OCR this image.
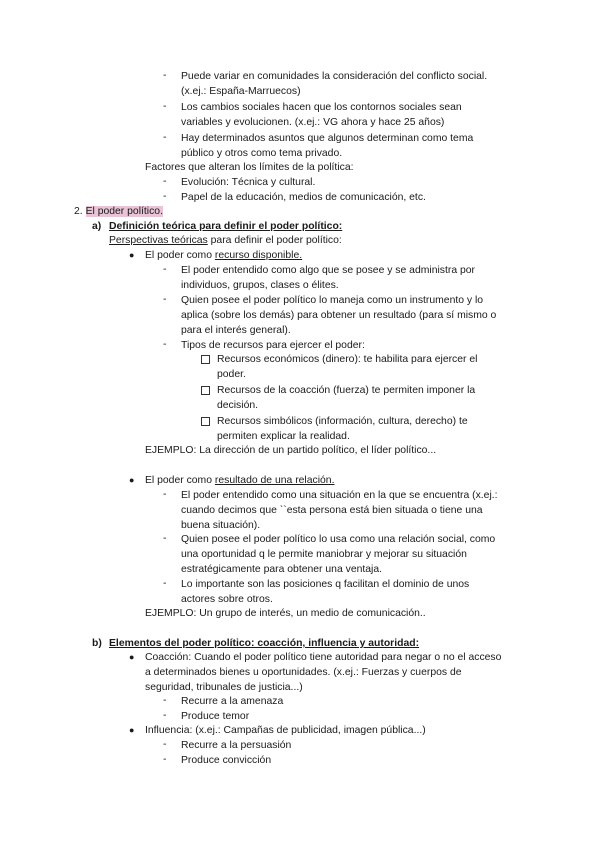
- Puede variar en comunidades la consideración del conflicto social.
(x.ej.: España-Marruecos)
- Los cambios sociales hacen que los contornos sociales sean
variables y evolucionen. (x.ej.: VG ahora y hace 25 años)
- Hay determinados asuntos que algunos determinan como tema
público y otros como tema privado.
Factores que alteran los límites de la política:
- Evolución: Técnica y cultural.
- Papel de la educación, medios de comunicación, etc.
2. El poder político.
a) Definición teórica para definir el poder político:
Perspectivas teóricas para definir el poder político:
● El poder como recurso disponible.
- El poder entendido como algo que se posee y se administra por
individuos, grupos, clases o élites.
- Quien posee el poder político lo maneja como un instrumento y lo
aplica (sobre los demás) para obtener un resultado (para sí mismo o
para el interés general).
- Tipos de recursos para ejercer el poder:
Recursos económicos (dinero): te habilita para ejercer el
poder.
Recursos de la coacción (fuerza) te permiten imponer la
decisión.
Recursos simbólicos (información, cultura, derecho) te
permiten explicar la realidad.
EJEMPLO: La dirección de un partido político, el líder político...
● El poder como resultado de una relación.
- El poder entendido como una situación en la que se encuentra (x.ej.:
cuando decimos que ``esta persona está bien situada o tiene una
buena situación).
- Quien posee el poder político lo usa como una relación social, como
una oportunidad q le permite maniobrar y mejorar su situación
estratégicamente para obtener una ventaja.
- Lo importante son las posiciones q facilitan el dominio de unos
actores sobre otros.
EJEMPLO: Un grupo de interés, un medio de comunicación..
b) Elementos del poder político: coacción, influencia y autoridad:
● Coacción: Cuando el poder político tiene autoridad para negar o no el acceso
a determinados bienes u oportunidades. (x.ej.: Fuerzas y cuerpos de
seguridad, tribunales de justicia...)
- Recurre a la amenaza
- Produce temor
● Influencia: (x.ej.: Campañas de publicidad, imagen pública...)
- Recurre a la persuasión
- Produce convicción
